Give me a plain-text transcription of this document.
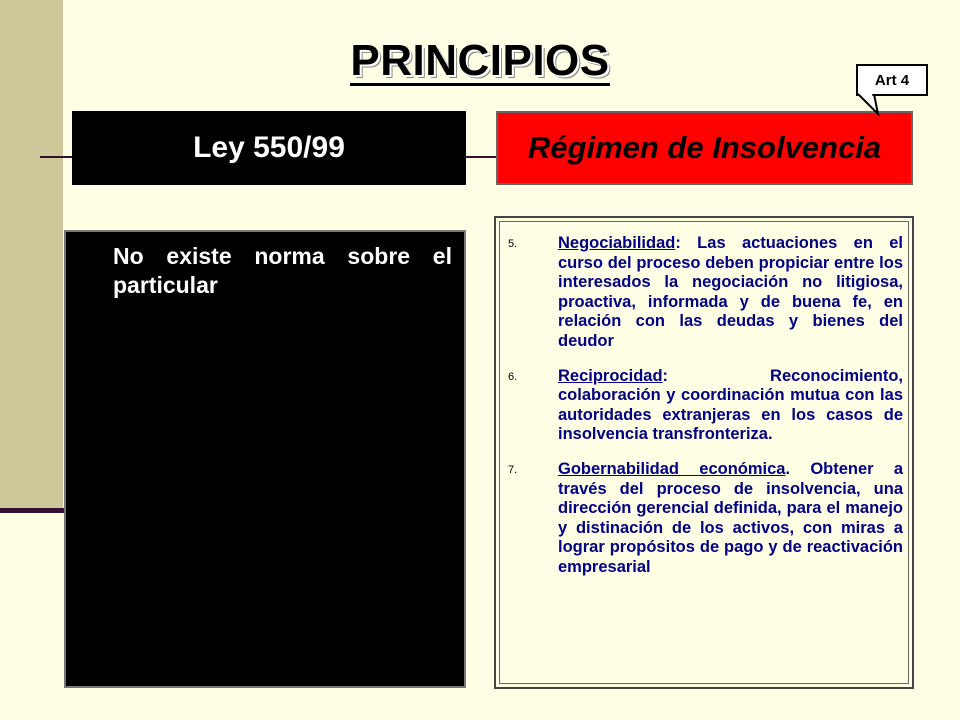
PRINCIPIOS
Ley 550/99	Régimen de Insolvencia
Art 4

No existe norma sobre el particular

5.	Negociabilidad: Las actuaciones en el curso del proceso deben propiciar entre los interesados la negociación no litigiosa, proactiva, informada y de buena fe, en relación con las deudas y bienes del deudor
6.	Reciprocidad: Reconocimiento, colaboración y coordinación mutua con las autoridades extranjeras en los casos de insolvencia transfronteriza.
7.	Gobernabilidad económica. Obtener a través del proceso de insolvencia, una dirección gerencial definida, para el manejo y distinación de los activos, con miras a lograr propósitos de pago y de reactivación empresarial
